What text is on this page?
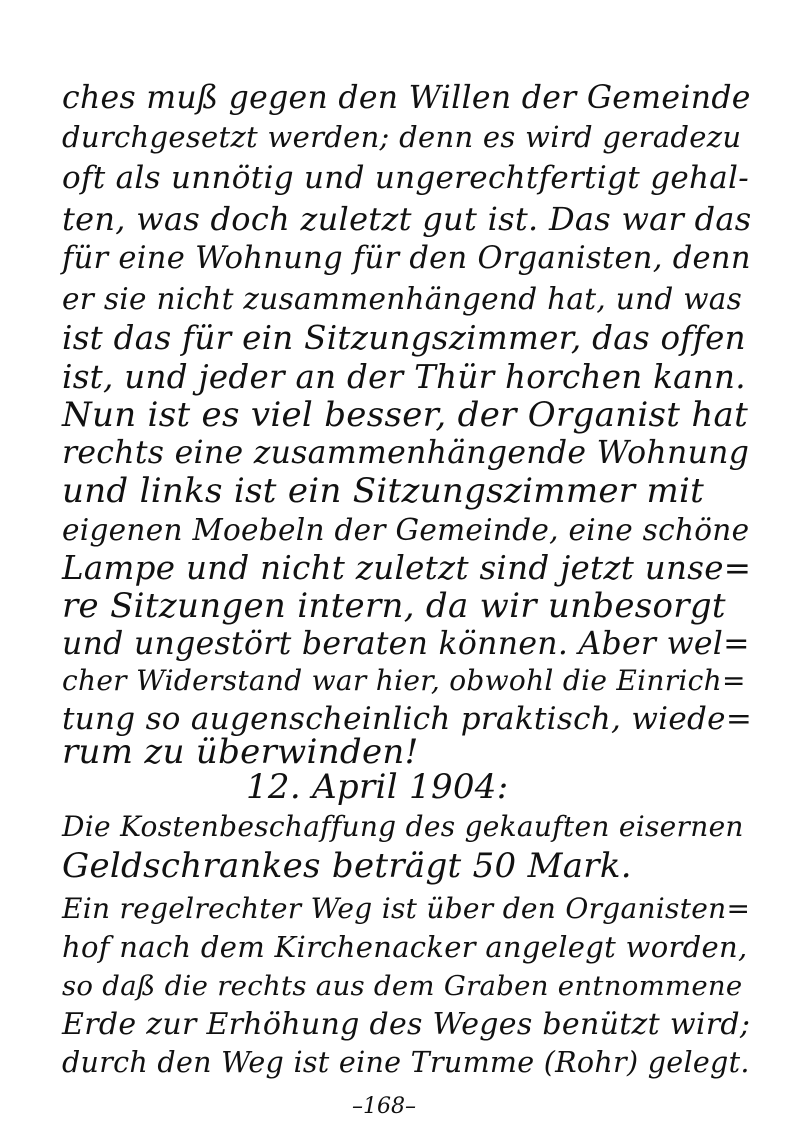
ches muß gegen den Willen der Gemeinde
durchgesetzt werden; denn es wird geradezu
oft als unnötig und ungerechtfertigt gehal-
ten, was doch zuletzt gut ist. Das war das
für eine Wohnung für den Organisten, denn
er sie nicht zusammenhängend hat, und was
ist das für ein Sitzungszimmer, das offen
ist, und jeder an der Thür horchen kann.
Nun ist es viel besser, der Organist hat
rechts eine zusammenhängende Wohnung
und links ist ein Sitzungszimmer mit
eigenen Moebeln der Gemeinde, eine schöne
Lampe und nicht zuletzt sind jetzt unse=
re Sitzungen intern, da wir unbesorgt
und ungestört beraten können. Aber wel=
cher Widerstand war hier, obwohl die Einrich=
tung so augenscheinlich praktisch, wiede=
rum zu überwinden!
12. April 1904:
Die Kostenbeschaffung des gekauften eisernen
Geldschrankes beträgt 50 Mark.
Ein regelrechter Weg ist über den Organisten=
hof nach dem Kirchenacker angelegt worden,
so daß die rechts aus dem Graben entnommene
Erde zur Erhöhung des Weges benützt wird;
durch den Weg ist eine Trumme (Rohr) gelegt.
–168–
